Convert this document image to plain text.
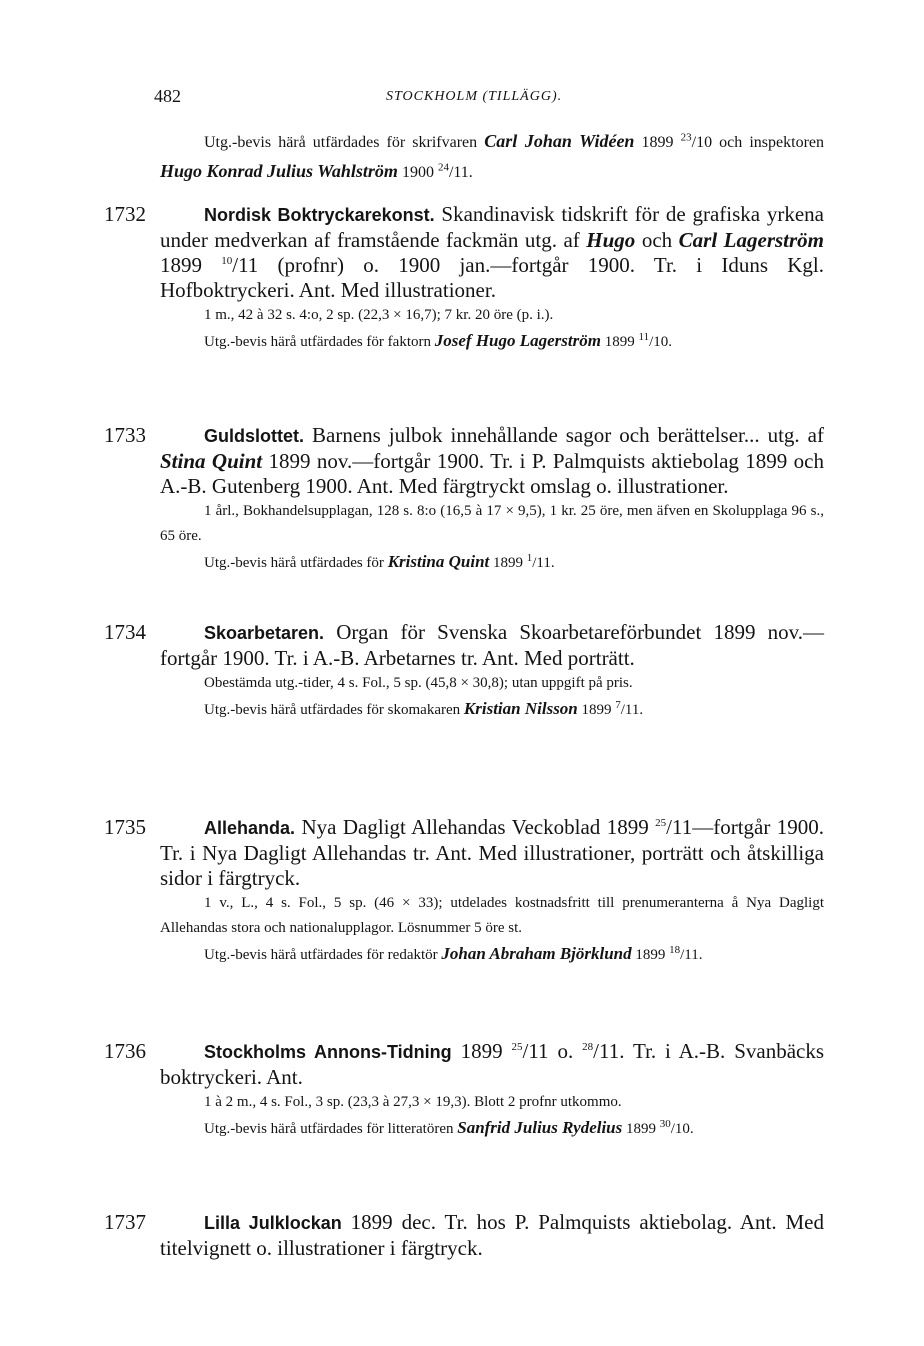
482	STOCKHOLM (TILLÄGG).

Utg.-bevis härå utfärdades för skrifvaren Carl Johan Widéen 1899 $^{23}$/10 och inspektoren Hugo Konrad Julius Wahlström 1900 $^{24}$/11.

1732	Nordisk Boktryckarekonst. Skandinavisk tidskrift för de grafiska yrkena under medverkan af framstående fackmän utg. af Hugo och Carl Lagerström 1899 $^{10}$/11 (profnr) o. 1900 jan.—fortgår 1900. Tr. i Iduns Kgl. Hofboktryckeri. Ant. Med illustrationer.

1 m., 42 à 32 s. 4:o, 2 sp. (22,3 × 16,7); 7 kr. 20 öre (p. i.).

Utg.-bevis härå utfärdades för faktorn Josef Hugo Lagerström 1899 $^{11}$/10.

1733	Guldslottet. Barnens julbok innehållande sagor och berättelser... utg. af Stina Quint 1899 nov.—fortgår 1900. Tr. i P. Palmquists aktiebolag 1899 och A.-B. Gutenberg 1900. Ant. Med färgtryckt omslag o. illustrationer.

1 årl., Bokhandelsupplagan, 128 s. 8:o (16,5 à 17 × 9,5), 1 kr. 25 öre, men äfven en Skolupplaga 96 s., 65 öre.

Utg.-bevis härå utfärdades för Kristina Quint 1899 $^1$/11.

1734	Skoarbetaren. Organ för Svenska Skoarbetareförbundet 1899 nov.—fortgår 1900. Tr. i A.-B. Arbetarnes tr. Ant. Med porträtt.

Obestämda utg.-tider, 4 s. Fol., 5 sp. (45,8 × 30,8); utan uppgift på pris.

Utg.-bevis härå utfärdades för skomakaren Kristian Nilsson 1899 $^7$/11.

1735	Allehanda. Nya Dagligt Allehandas Veckoblad 1899 $^{25}$/11—fortgår 1900. Tr. i Nya Dagligt Allehandas tr. Ant. Med illustrationer, porträtt och åtskilliga sidor i färgtryck.

1 v., L., 4 s. Fol., 5 sp. (46 × 33); utdelades kostnadsfritt till prenumeranterna å Nya Dagligt Allehandas stora och nationalupplagor. Lösnummer 5 öre st.

Utg.-bevis härå utfärdades för redaktör Johan Abraham Björklund 1899 $^{18}$/11.

1736	Stockholms Annons-Tidning 1899 $^{25}$/11 o. $^{28}$/11. Tr. i A.-B. Svanbäcks boktryckeri. Ant.

1 à 2 m., 4 s. Fol., 3 sp. (23,3 à 27,3 × 19,3). Blott 2 profnr utkommo.

Utg.-bevis härå utfärdades för litteratören Sanfrid Julius Rydelius 1899 $^{30}$/10.

1737	Lilla Julklockan 1899 dec. Tr. hos P. Palmquists aktiebolag. Ant. Med titelvignett o. illustrationer i färgtryck.
